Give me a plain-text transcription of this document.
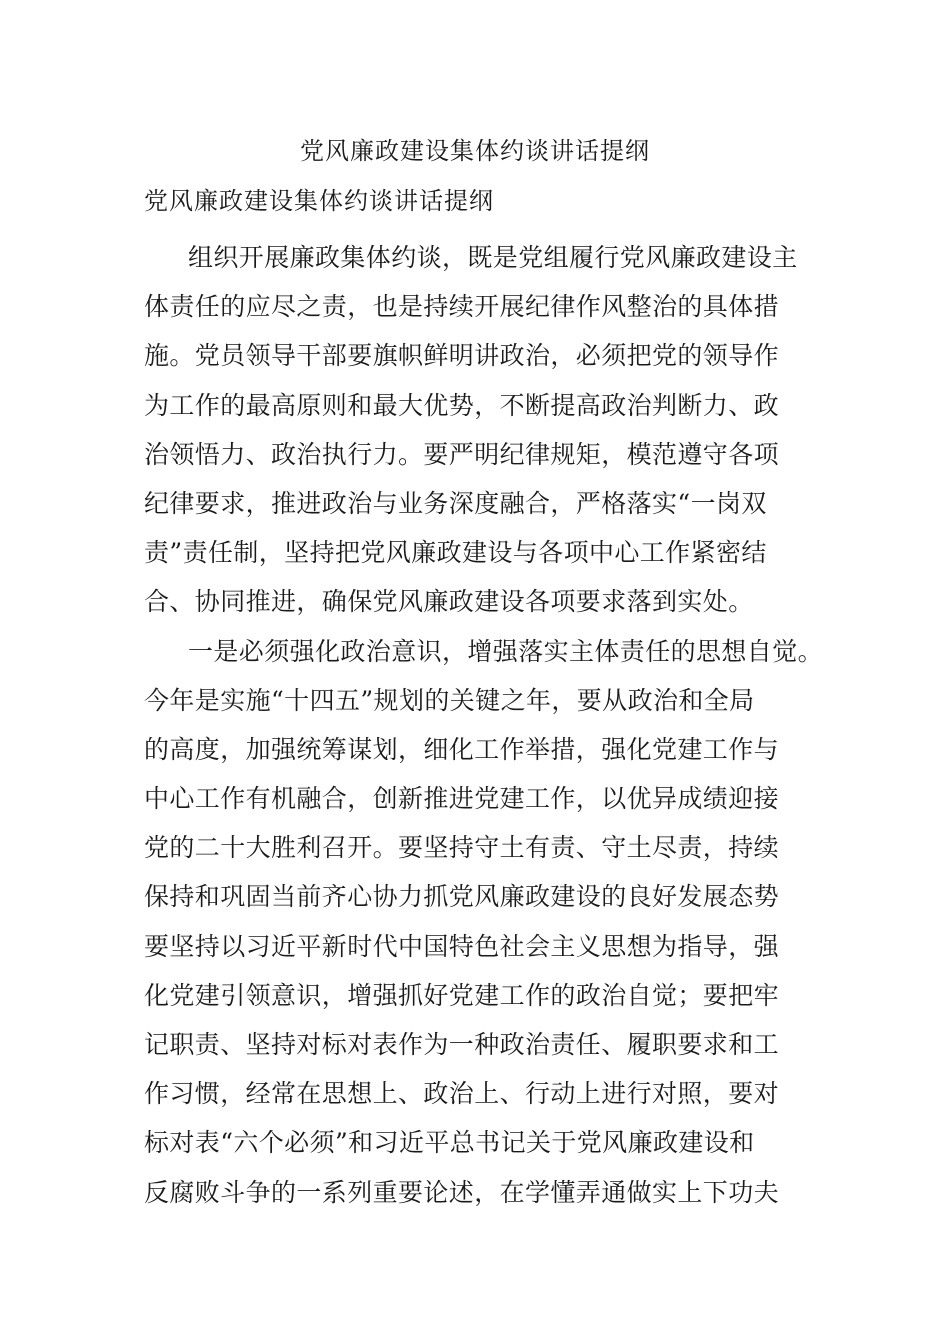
党风廉政建设集体约谈讲话提纲
党风廉政建设集体约谈讲话提纲
组织开展廉政集体约谈，既是党组履行党风廉政建设主
体责任的应尽之责，也是持续开展纪律作风整治的具体措
施。党员领导干部要旗帜鲜明讲政治，必须把党的领导作
为工作的最高原则和最大优势，不断提高政治判断力、政
治领悟力、政治执行力。要严明纪律规矩，模范遵守各项
纪律要求，推进政治与业务深度融合，严格落实“一岗双
责”责任制，坚持把党风廉政建设与各项中心工作紧密结
合、协同推进，确保党风廉政建设各项要求落到实处。
一是必须强化政治意识，增强落实主体责任的思想自觉。
今年是实施“十四五”规划的关键之年，要从政治和全局
的高度，加强统筹谋划，细化工作举措，强化党建工作与
中心工作有机融合，创新推进党建工作，以优异成绩迎接
党的二十大胜利召开。要坚持守土有责、守土尽责，持续
保持和巩固当前齐心协力抓党风廉政建设的良好发展态势
要坚持以习近平新时代中国特色社会主义思想为指导，强
化党建引领意识，增强抓好党建工作的政治自觉；要把牢
记职责、坚持对标对表作为一种政治责任、履职要求和工
作习惯，经常在思想上、政治上、行动上进行对照，要对
标对表“六个必须”和习近平总书记关于党风廉政建设和
反腐败斗争的一系列重要论述，在学懂弄通做实上下功夫
